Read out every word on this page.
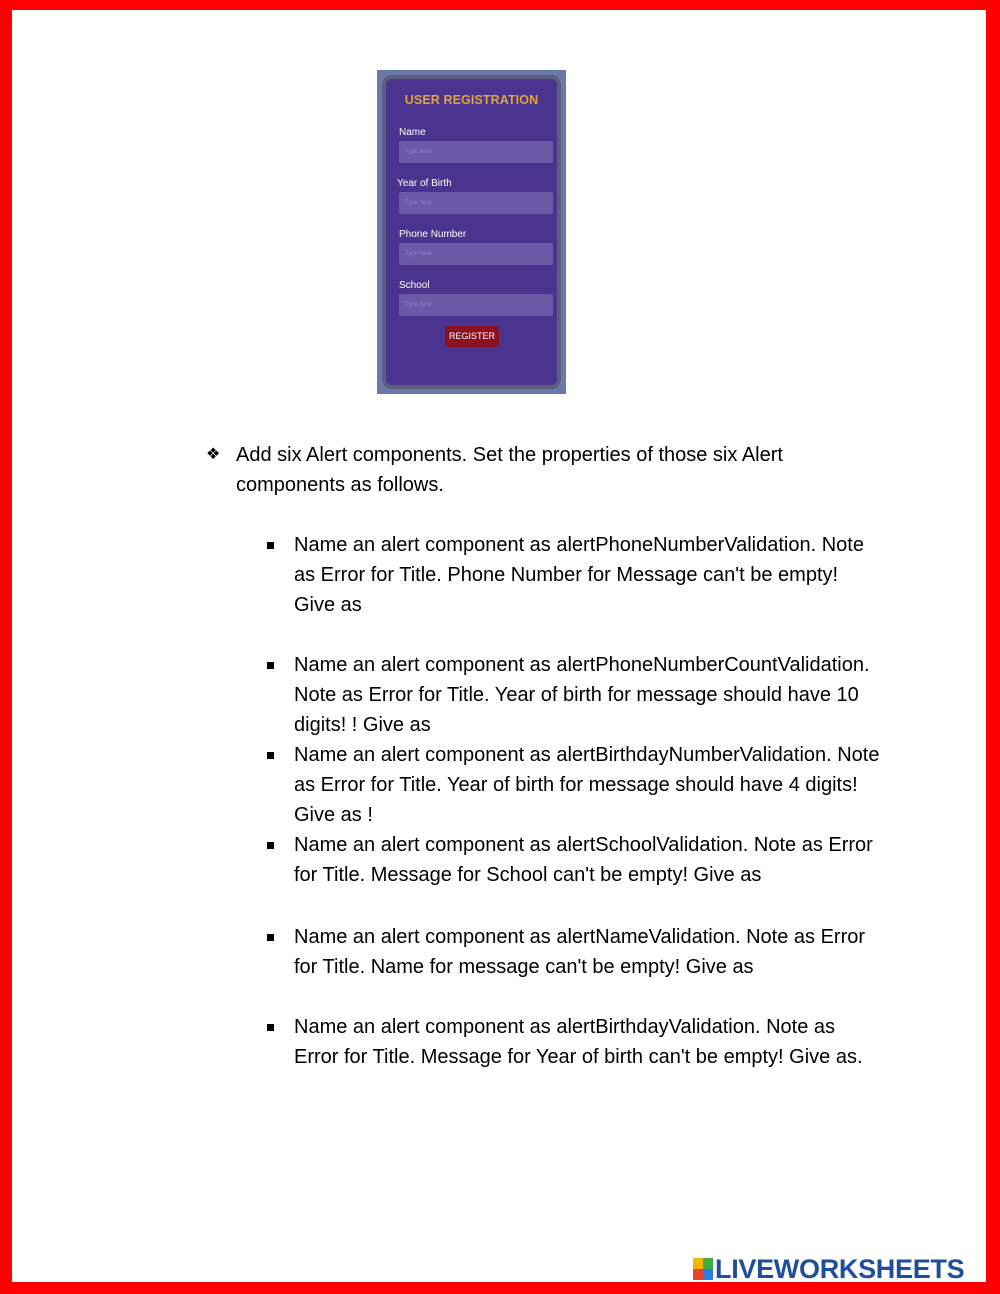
USER REGISTRATION
Name
Type here
Year of Birth
Type here
Phone Number
Type here
School
Type here
REGISTER
❖ Add six Alert components. Set the properties of those six Alert components as follows.
Name an alert component as alertPhoneNumberValidation. Note as Error for Title. Phone Number for Message can't be empty! Give as
Name an alert component as alertPhoneNumberCountValidation. Note as Error for Title. Year of birth for message should have 10 digits! ! Give as
Name an alert component as alertBirthdayNumberValidation. Note as Error for Title. Year of birth for message should have 4 digits! Give as !
Name an alert component as alertSchoolValidation. Note as Error for Title. Message for School can't be empty! Give as
Name an alert component as alertNameValidation. Note as Error for Title. Name for message can't be empty! Give as
Name an alert component as alertBirthdayValidation. Note as Error for Title. Message for Year of birth can't be empty! Give as.
LIVEWORKSHEETS
